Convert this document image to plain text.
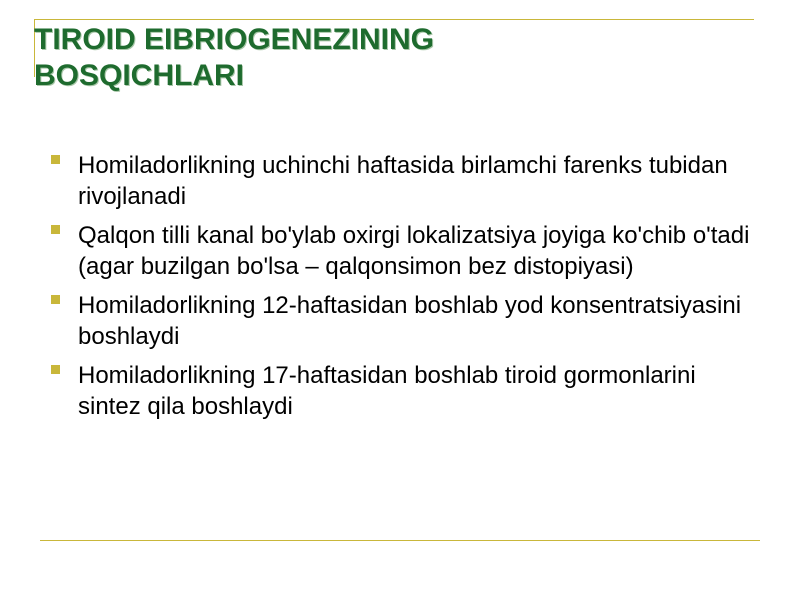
TIROID EIBRIOGENEZINING
BOSQICHLARI
Homiladorlikning uchinchi haftasida birlamchi farenks tubidan rivojlanadi
Qalqon tilli kanal bo'ylab oxirgi lokalizatsiya joyiga ko'chib o'tadi (agar buzilgan bo'lsa – qalqonsimon bez distopiyasi)
Homiladorlikning 12-haftasidan boshlab yod konsentratsiyasini boshlaydi
Homiladorlikning 17-haftasidan boshlab tiroid gormonlarini sintez qila boshlaydi
